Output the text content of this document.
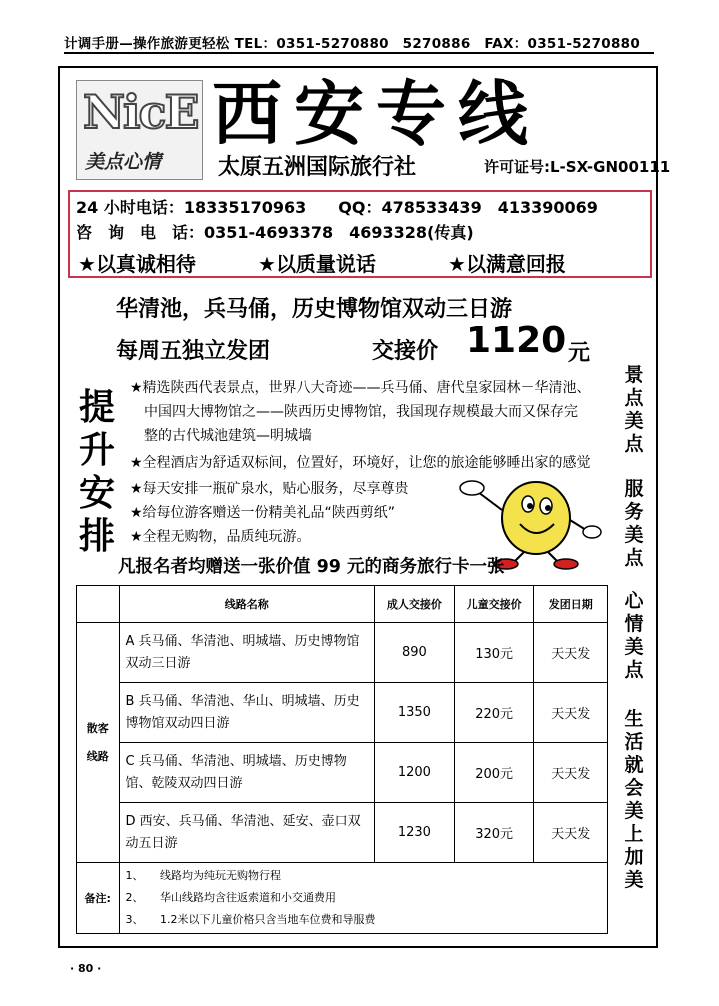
计调手册—操作旅游更轻松 TEL：0351-5270880　5270886　FAX：0351-5270880
NicE
美点心情
西安专线
太原五洲国际旅行社	许可证号:L-SX-GN00111
24 小时电话：18335170963　　QQ：478533439　413390069
咨　询　电　话：0351-4693378　4693328(传真)
★以真诚相待	★以质量说话	★以满意回报
华清池，兵马俑，历史博物馆双动三日游
每周五独立发团	交接价 1120 元
提
升
安
排
★精选陕西代表景点，世界八大奇迹——兵马俑、唐代皇家园林－华清池、
　中国四大博物馆之——陕西历史博物馆，我国现存规模最大而又保存完
　整的古代城池建筑—明城墙
★全程酒店为舒适双标间，位置好，环境好，让您的旅途能够睡出家的感觉
★每天安排一瓶矿泉水，贴心服务，尽享尊贵
★给每位游客赠送一份精美礼品“陕西剪纸”
★全程无购物，品质纯玩游。
凡报名者均赠送一张价值 99 元的商务旅行卡一张
景
点
美
点
服
务
美
点
心
情
美
点
生
活
就
会
美
上
加
美
	线路名称	成人交接价	儿童交接价	发团日期
散客线路	A 兵马俑、华清池、明城墙、历史博物馆双动三日游	890	130元	天天发
	B 兵马俑、华清池、华山、明城墙、历史博物馆双动四日游	1350	220元	天天发
	C 兵马俑、华清池、明城墙、历史博物馆、乾陵双动四日游	1200	200元	天天发
	D 西安、兵马俑、华清池、延安、壶口双动五日游	1230	320元	天天发
备注:	1、　　线路均为纯玩无购物行程
2、　　华山线路均含往返索道和小交通费用
3、　　1.2米以下儿童价格只含当地车位费和导服费			
· 80 ·
